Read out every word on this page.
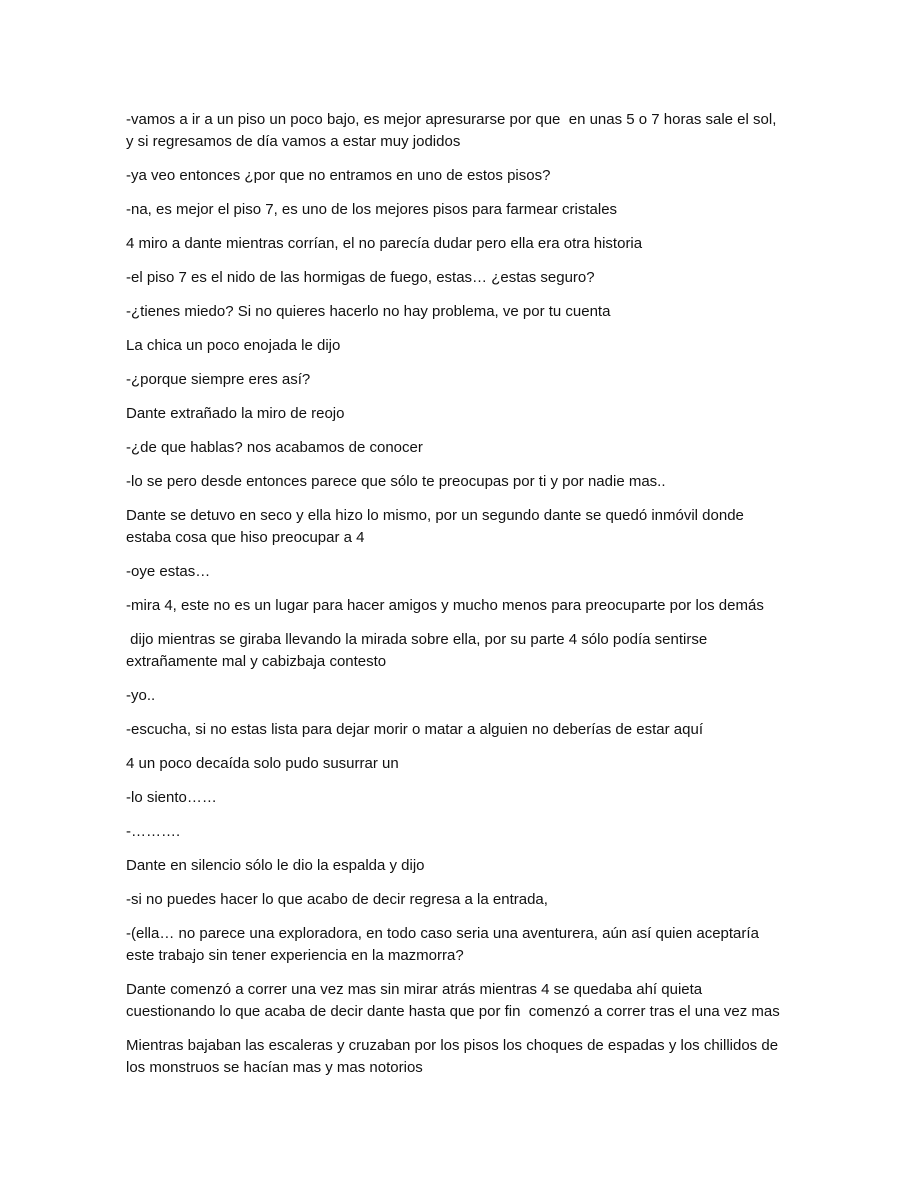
-vamos a ir a un piso un poco bajo, es mejor apresurarse por que  en unas 5 o 7 horas sale el sol, y si regresamos de día vamos a estar muy jodidos

-ya veo entonces ¿por que no entramos en uno de estos pisos?

-na, es mejor el piso 7, es uno de los mejores pisos para farmear cristales

4 miro a dante mientras corrían, el no parecía dudar pero ella era otra historia

-el piso 7 es el nido de las hormigas de fuego, estas… ¿estas seguro?

-¿tienes miedo? Si no quieres hacerlo no hay problema, ve por tu cuenta

La chica un poco enojada le dijo

-¿porque siempre eres así?

Dante extrañado la miro de reojo

-¿de que hablas? nos acabamos de conocer

-lo se pero desde entonces parece que sólo te preocupas por ti y por nadie mas..

Dante se detuvo en seco y ella hizo lo mismo, por un segundo dante se quedó inmóvil donde estaba cosa que hiso preocupar a 4

-oye estas…

-mira 4, este no es un lugar para hacer amigos y mucho menos para preocuparte por los demás

dijo mientras se giraba llevando la mirada sobre ella, por su parte 4 sólo podía sentirse extrañamente mal y cabizbaja contesto

-yo..

-escucha, si no estas lista para dejar morir o matar a alguien no deberías de estar aquí

4 un poco decaída solo pudo susurrar un

-lo siento……

-……….

Dante en silencio sólo le dio la espalda y dijo

-si no puedes hacer lo que acabo de decir regresa a la entrada,

-(ella… no parece una exploradora, en todo caso seria una aventurera, aún así quien aceptaría este trabajo sin tener experiencia en la mazmorra?

Dante comenzó a correr una vez mas sin mirar atrás mientras 4 se quedaba ahí quieta cuestionando lo que acaba de decir dante hasta que por fin  comenzó a correr tras el una vez mas

Mientras bajaban las escaleras y cruzaban por los pisos los choques de espadas y los chillidos de los monstruos se hacían mas y mas notorios
